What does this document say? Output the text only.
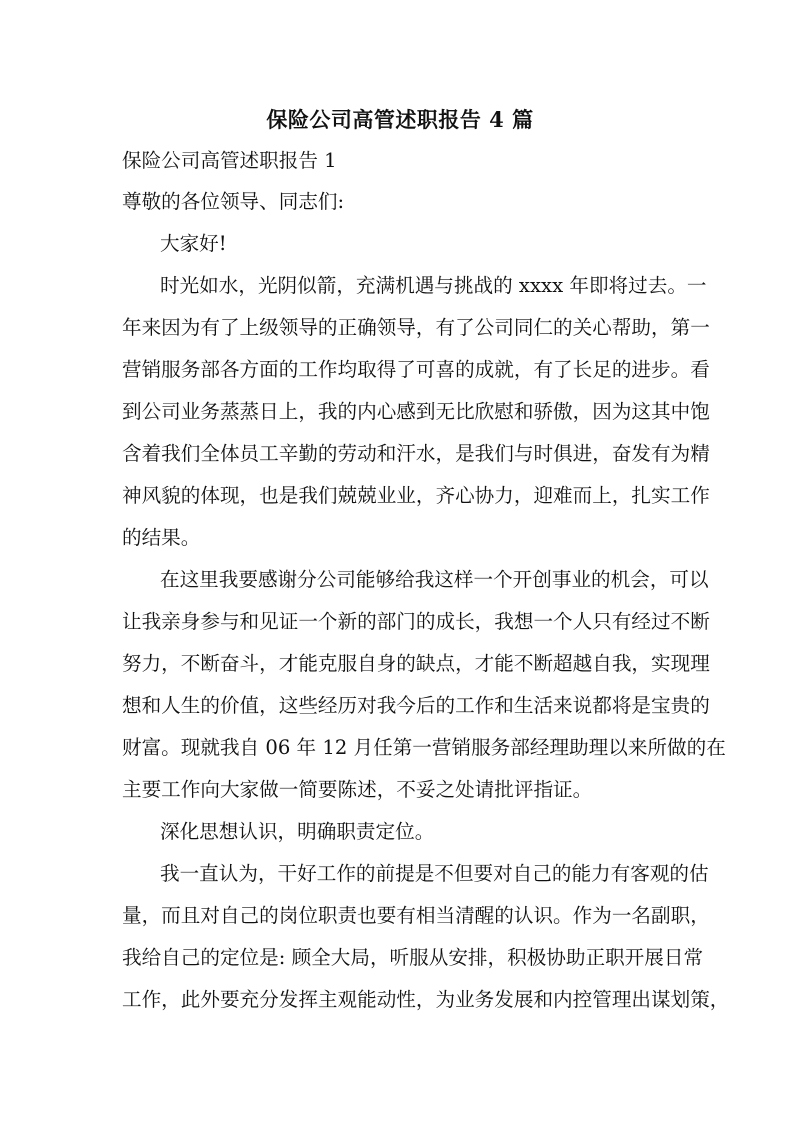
保险公司高管述职报告 4 篇
保险公司高管述职报告 1
尊敬的各位领导、同志们:
大家好!
时光如水，光阴似箭，充满机遇与挑战的 xxxx 年即将过去。一
年来因为有了上级领导的正确领导，有了公司同仁的关心帮助，第一
营销服务部各方面的工作均取得了可喜的成就，有了长足的进步。看
到公司业务蒸蒸日上，我的内心感到无比欣慰和骄傲，因为这其中饱
含着我们全体员工辛勤的劳动和汗水，是我们与时俱进，奋发有为精
神风貌的体现，也是我们兢兢业业，齐心协力，迎难而上，扎实工作
的结果。
在这里我要感谢分公司能够给我这样一个开创事业的机会，可以
让我亲身参与和见证一个新的部门的成长，我想一个人只有经过不断
努力，不断奋斗，才能克服自身的缺点，才能不断超越自我，实现理
想和人生的价值，这些经历对我今后的工作和生活来说都将是宝贵的
财富。现就我自 06 年 12 月任第一营销服务部经理助理以来所做的在
主要工作向大家做一简要陈述，不妥之处请批评指证。
深化思想认识，明确职责定位。
我一直认为，干好工作的前提是不但要对自己的能力有客观的估
量，而且对自己的岗位职责也要有相当清醒的认识。作为一名副职，
我给自己的定位是: 顾全大局，听服从安排，积极协助正职开展日常
工作，此外要充分发挥主观能动性，为业务发展和内控管理出谋划策，
